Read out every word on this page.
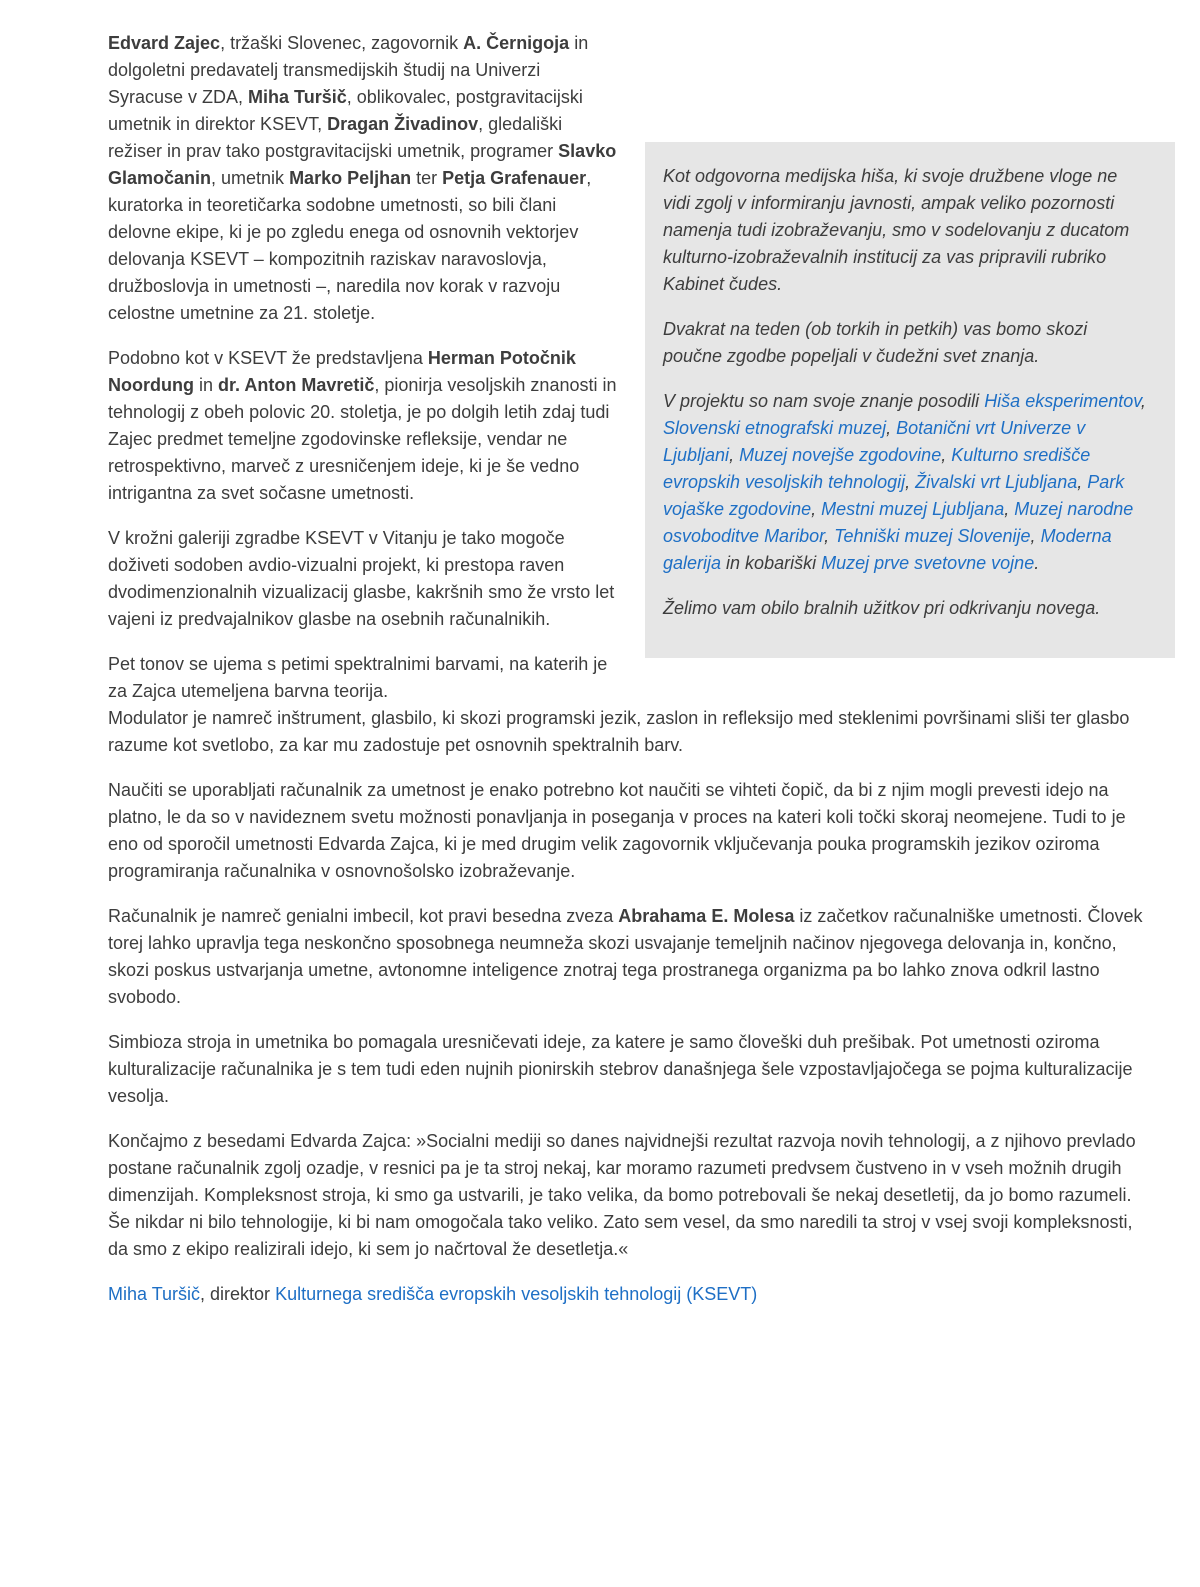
Edvard Zajec, tržaški Slovenec, zagovornik A. Černigoja in dolgoletni predavatelj transmedijskih študij na Univerzi Syracuse v ZDA, Miha Turšič, oblikovalec, postgravitacijski umetnik in direktor KSEVT, Dragan Živadinov, gledališki režiser in prav tako postgravitacijski umetnik, programer Slavko Glamočanin, umetnik Marko Peljhan ter Petja Grafenauer, kuratorka in teoretičarka sodobne umetnosti, so bili člani delovne ekipe, ki je po zgledu enega od osnovnih vektorjev delovanja KSEVT – kompozitnih raziskav naravoslovja, družboslovja in umetnosti –, naredila nov korak v razvoju celostne umetnine za 21. stoletje.

Podobno kot v KSEVT že predstavljena Herman Potočnik Noordung in dr. Anton Mavretič, pionirja vesoljskih znanosti in tehnologij z obeh polovic 20. stoletja, je po dolgih letih zdaj tudi Zajec predmet temeljne zgodovinske refleksije, vendar ne retrospektivno, marveč z uresničenjem ideje, ki je še vedno intrigantna za svet sočasne umetnosti.

V krožni galeriji zgradbe KSEVT v Vitanju je tako mogoče doživeti sodoben avdio-vizualni projekt, ki prestopa raven dvodimenzionalnih vizualizacij glasbe, kakršnih smo že vrsto let vajeni iz predvajalnikov glasbe na osebnih računalnikih.

Pet tonov se ujema s petimi spektralnimi barvami, na katerih je za Zajca utemeljena barvna teorija.

Kot odgovorna medijska hiša, ki svoje družbene vloge ne vidi zgolj v informiranju javnosti, ampak veliko pozornosti namenja tudi izobraževanju, smo v sodelovanju z ducatom kulturno-izobraževalnih institucij za vas pripravili rubriko Kabinet čudes.

Dvakrat na teden (ob torkih in petkih) vas bomo skozi poučne zgodbe popeljali v čudežni svet znanja.

V projektu so nam svoje znanje posodili Hiša eksperimentov, Slovenski etnografski muzej, Botanični vrt Univerze v Ljubljani, Muzej novejše zgodovine, Kulturno središče evropskih vesoljskih tehnologij, Živalski vrt Ljubljana, Park vojaške zgodovine, Mestni muzej Ljubljana, Muzej narodne osvoboditve Maribor, Tehniški muzej Slovenije, Moderna galerija in kobariški Muzej prve svetovne vojne.

Želimo vam obilo bralnih užitkov pri odkrivanju novega.

Modulator je namreč inštrument, glasbilo, ki skozi programski jezik, zaslon in refleksijo med steklenimi površinami sliši ter glasbo razume kot svetlobo, za kar mu zadostuje pet osnovnih spektralnih barv.

Naučiti se uporabljati računalnik za umetnost je enako potrebno kot naučiti se vihteti čopič, da bi z njim mogli prevesti idejo na platno, le da so v navideznem svetu možnosti ponavljanja in poseganja v proces na kateri koli točki skoraj neomejene. Tudi to je eno od sporočil umetnosti Edvarda Zajca, ki je med drugim velik zagovornik vključevanja pouka programskih jezikov oziroma programiranja računalnika v osnovnošolsko izobraževanje.

Računalnik je namreč genialni imbecil, kot pravi besedna zveza Abrahama E. Molesa iz začetkov računalniške umetnosti. Človek torej lahko upravlja tega neskončno sposobnega neumneža skozi usvajanje temeljnih načinov njegovega delovanja in, končno, skozi poskus ustvarjanja umetne, avtonomne inteligence znotraj tega prostranega organizma pa bo lahko znova odkril lastno svobodo.

Simbioza stroja in umetnika bo pomagala uresničevati ideje, za katere je samo človeški duh prešibak. Pot umetnosti oziroma kulturalizacije računalnika je s tem tudi eden nujnih pionirskih stebrov današnjega šele vzpostavljajočega se pojma kulturalizacije vesolja.

Končajmo z besedami Edvarda Zajca: »Socialni mediji so danes najvidnejši rezultat razvoja novih tehnologij, a z njihovo prevlado postane računalnik zgolj ozadje, v resnici pa je ta stroj nekaj, kar moramo razumeti predvsem čustveno in v vseh možnih drugih dimenzijah. Kompleksnost stroja, ki smo ga ustvarili, je tako velika, da bomo potrebovali še nekaj desetletij, da jo bomo razumeli. Še nikdar ni bilo tehnologije, ki bi nam omogočala tako veliko. Zato sem vesel, da smo naredili ta stroj v vsej svoji kompleksnosti, da smo z ekipo realizirali idejo, ki sem jo načrtoval že desetletja.«

Miha Turšič, direktor Kulturnega središča evropskih vesoljskih tehnologij (KSEVT)
